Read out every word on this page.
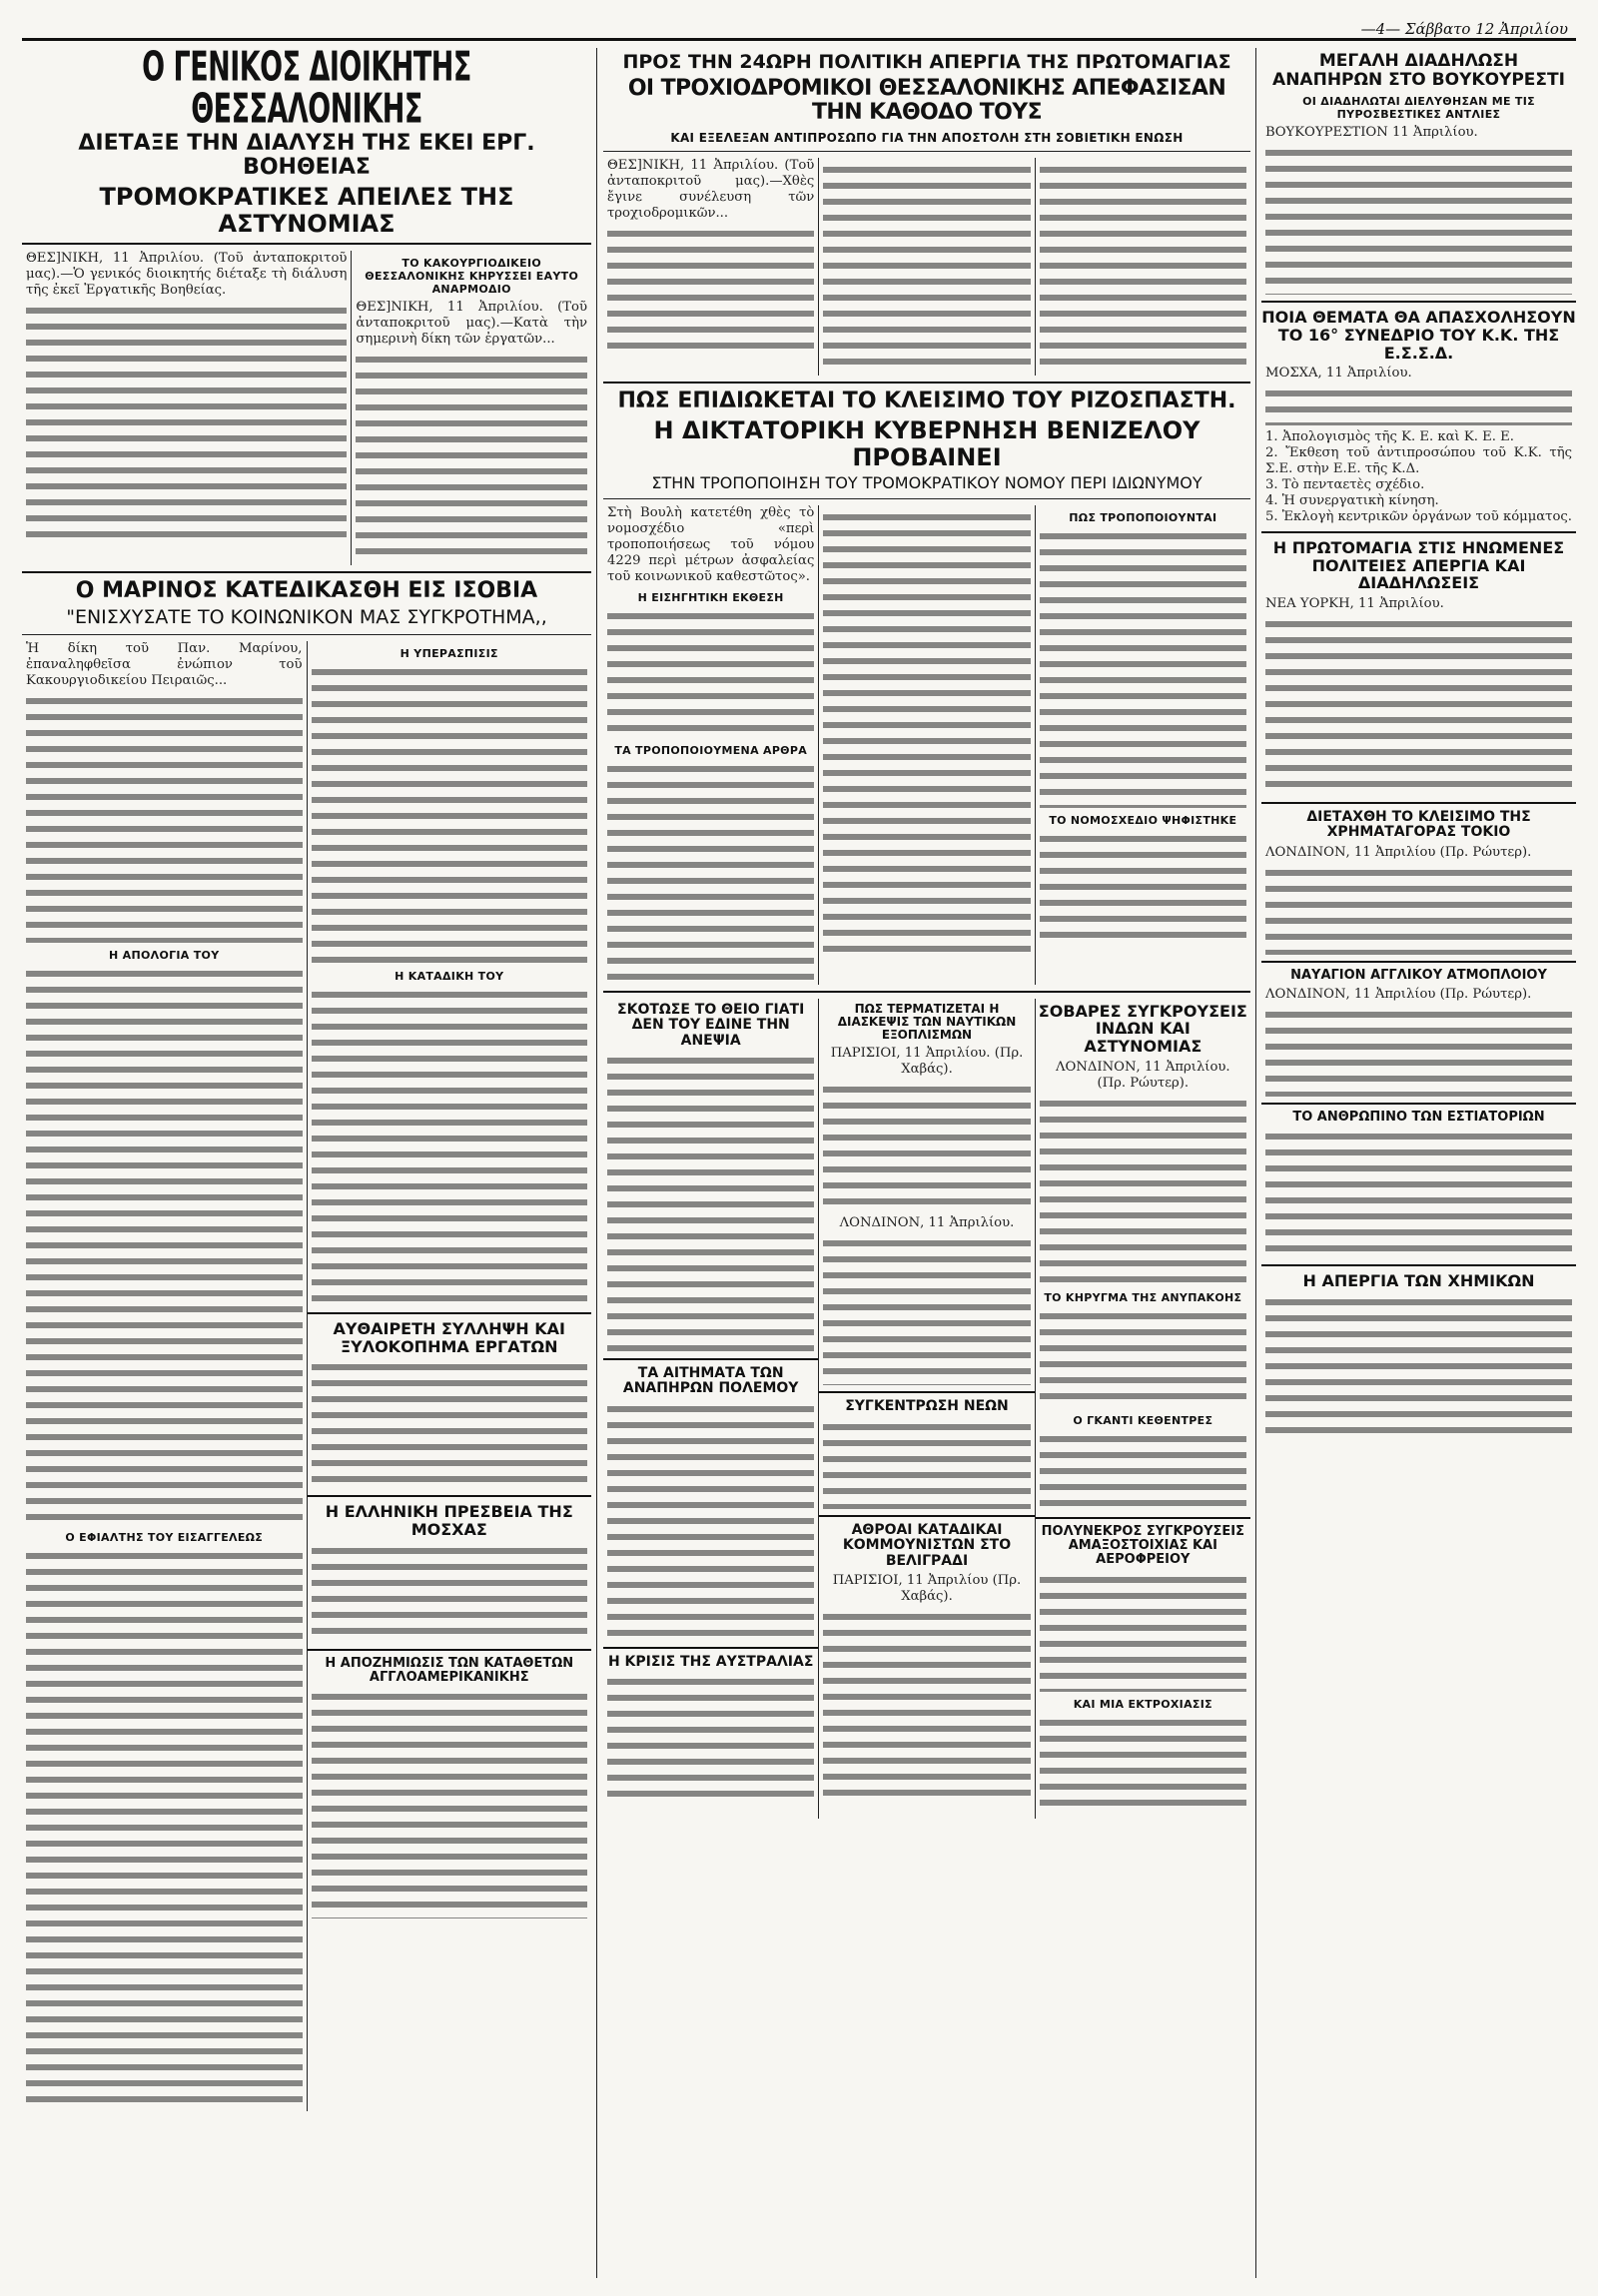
—4— Σάββατο 12 Ἀπριλίου
Ο ΓΕΝΙΚΟΣ ΔΙΟΙΚΗΤΗΣ ΘΕΣΣΑΛΟΝΙΚΗΣ
ΔΙΕΤΑΞΕ ΤΗΝ ΔΙΑΛΥΣΗ ΤΗΣ ΕΚΕΙ ΕΡΓ. ΒΟΗΘΕΙΑΣ
ΤΡΟΜΟΚΡΑΤΙΚΕΣ ΑΠΕΙΛΕΣ ΤΗΣ ΑΣΤΥΝΟΜΙΑΣ

ΘΕΣ]ΝΙΚΗ, 11 Ἀπριλίου. (Τοῦ ἀνταποκριτοῦ μας).—Ὁ γενικός διοικητής διέταξε τὴ διάλυση τῆς ἐκεῖ Ἐργατικῆς Βοηθείας.

ΤΟ ΚΑΚΟΥΡΓΙΟΔΙΚΕΙΟ ΘΕΣΣΑΛΟΝΙΚΗΣ ΚΗΡΥΣΣΕΙ ΕΑΥΤΟ ΑΝΑΡΜΟΔΙΟ

ΘΕΣ]ΝΙΚΗ, 11 Ἀπριλίου. (Τοῦ ἀνταποκριτοῦ μας).—Κατὰ τὴν σημερινὴ δίκη τῶν ἐργατῶν...

Ο ΜΑΡΙΝΟΣ ΚΑΤΕΔΙΚΑΣΘΗ ΕΙΣ ΙΣΟΒΙΑ
"ΕΝΙΣΧΥΣΑΤΕ ΤΟ ΚΟΙΝΩΝΙΚΟΝ ΜΑΣ ΣΥΓΚΡΟΤΗΜΑ,,

Ἡ δίκη τοῦ Παν. Μαρίνου, ἐπαναληφθεῖσα ἐνώπιον τοῦ Κακουργιοδικείου Πειραιῶς...

Η ΑΠΟΛΟΓΙΑ ΤΟΥ
Ο ΕΦΙΑΛΤΗΣ ΤΟΥ ΕΙΣΑΓΓΕΛΕΩΣ
Η ΥΠΕΡΑΣΠΙΣΙΣ
Η ΚΑΤΑΔΙΚΗ ΤΟΥ
ΑΥΘΑΙΡΕΤΗ ΣΥΛΛΗΨΗ ΚΑΙ ΞΥΛΟΚΟΠΗΜΑ ΕΡΓΑΤΩΝ
Η ΕΛΛΗΝΙΚΗ ΠΡΕΣΒΕΙΑ ΤΗΣ ΜΟΣΧΑΣ
Η ΑΠΟΖΗΜΙΩΣΙΣ ΤΩΝ ΚΑΤΑΘΕΤΩΝ ΑΓΓΛΟΑΜΕΡΙΚΑΝΙΚΗΣ
ΠΡΟΣ ΤΗΝ 24ΩΡΗ ΠΟΛΙΤΙΚΗ ΑΠΕΡΓΙΑ ΤΗΣ ΠΡΩΤΟΜΑΓΙΑΣ
ΟΙ ΤΡΟΧΙΟΔΡΟΜΙΚΟΙ ΘΕΣΣΑΛΟΝΙΚΗΣ ΑΠΕΦΑΣΙΣΑΝ ΤΗΝ ΚΑΘΟΔΟ ΤΟΥΣ
ΚΑΙ ΕΞΕΛΕΞΑΝ ΑΝΤΙΠΡΟΣΩΠΟ ΓΙΑ ΤΗΝ ΑΠΟΣΤΟΛΗ ΣΤΗ ΣΟΒΙΕΤΙΚΗ ΕΝΩΣΗ

ΘΕΣ]ΝΙΚΗ, 11 Ἀπριλίου. (Τοῦ ἀνταποκριτοῦ μας).—Χθὲς ἔγινε συνέλευση τῶν τροχιοδρομικῶν...

ΠΩΣ ΕΠΙΔΙΩΚΕΤΑΙ ΤΟ ΚΛΕΙΣΙΜΟ ΤΟΥ ΡΙΖΟΣΠΑΣΤΗ.
Η ΔΙΚΤΑΤΟΡΙΚΗ ΚΥΒΕΡΝΗΣΗ ΒΕΝΙΖΕΛΟΥ ΠΡΟΒΑΙΝΕΙ
ΣΤΗΝ ΤΡΟΠΟΠΟΙΗΣΗ ΤΟΥ ΤΡΟΜΟΚΡΑΤΙΚΟΥ ΝΟΜΟΥ ΠΕΡΙ ΙΔΙΩΝΥΜΟΥ

Στὴ Βουλὴ κατετέθη χθὲς τὸ νομοσχέδιο «περὶ τροποποιήσεως τοῦ νόμου 4229 περὶ μέτρων ἀσφαλείας τοῦ κοινωνικοῦ καθεστῶτος».

Η ΕΙΣΗΓΗΤΙΚΗ ΕΚΘΕΣΗ
ΤΑ ΤΡΟΠΟΠΟΙΟΥΜΕΝΑ ΑΡΘΡΑ
ΠΩΣ ΤΡΟΠΟΠΟΙΟΥΝΤΑΙ
ΤΟ ΝΟΜΟΣΧΕΔΙΟ ΨΗΦΙΣΤΗΚΕ
ΣΚΟΤΩΣΕ ΤΟ ΘΕΙΟ ΓΙΑΤΙ ΔΕΝ ΤΟΥ ΕΔΙΝΕ ΤΗΝ ΑΝΕΨΙΑ
ΤΑ ΑΙΤΗΜΑΤΑ ΤΩΝ ΑΝΑΠΗΡΩΝ ΠΟΛΕΜΟΥ
Η ΚΡΙΣΙΣ ΤΗΣ ΑΥΣΤΡΑΛΙΑΣ
ΠΩΣ ΤΕΡΜΑΤΙΖΕΤΑΙ Η ΔΙΑΣΚΕΨΙΣ ΤΩΝ ΝΑΥΤΙΚΩΝ ΕΞΟΠΛΙΣΜΩΝ

ΠΑΡΙΣΙΟΙ, 11 Ἀπριλίου. (Πρ. Χαβάς).

ΛΟΝΔΙΝΟΝ, 11 Ἀπριλίου.

ΣΥΓΚΕΝΤΡΩΣΗ ΝΕΩΝ
ΑΘΡΟΑΙ ΚΑΤΑΔΙΚΑΙ ΚΟΜΜΟΥΝΙΣΤΩΝ ΣΤΟ ΒΕΛΙΓΡΑΔΙ

ΠΑΡΙΣΙΟΙ, 11 Ἀπριλίου (Πρ. Χαβάς).

ΣΟΒΑΡΕΣ ΣΥΓΚΡΟΥΣΕΙΣ ΙΝΔΩΝ ΚΑΙ ΑΣΤΥΝΟΜΙΑΣ

ΛΟΝΔΙΝΟΝ, 11 Ἀπριλίου. (Πρ. Ρώυτερ).

ΤΟ ΚΗΡΥΓΜΑ ΤΗΣ ΑΝΥΠΑΚΟΗΣ
Ο ΓΚΑΝΤΙ ΚΕΘΕΝΤΡΕΣ
ΠΟΛΥΝΕΚΡΟΣ ΣΥΓΚΡΟΥΣΕΙΣ ΑΜΑΞΟΣΤΟΙΧΙΑΣ ΚΑΙ ΑΕΡΟΦΡΕΙΟΥ
ΚΑΙ ΜΙΑ ΕΚΤΡΟΧΙΑΣΙΣ
ΜΕΓΑΛΗ ΔΙΑΔΗΛΩΣΗ ΑΝΑΠΗΡΩΝ ΣΤΟ ΒΟΥΚΟΥΡΕΣΤΙ
ΟΙ ΔΙΑΔΗΛΩΤΑΙ ΔΙΕΛΥΘΗΣΑΝ ΜΕ ΤΙΣ ΠΥΡΟΣΒΕΣΤΙΚΕΣ ΑΝΤΛΙΕΣ

ΒΟΥΚΟΥΡΕΣΤΙΟΝ 11 Ἀπριλίου.

ΠΟΙΑ ΘΕΜΑΤΑ ΘΑ ΑΠΑΣΧΟΛΗΣΟΥΝ ΤΟ 16° ΣΥΝΕΔΡΙΟ ΤΟΥ Κ.Κ. ΤΗΣ Ε.Σ.Σ.Δ.

ΜΟΣΧΑ, 11 Ἀπριλίου.

1. Ἀπολογισμὸς τῆς Κ. Ε. καὶ Κ. Ε. Ε.

2. Ἔκθεση τοῦ ἀντιπροσώπου τοῦ Κ.Κ. τῆς Σ.Ε. στὴν Ε.Ε. τῆς Κ.Δ.

3. Τὸ πενταετὲς σχέδιο.

4. Ἡ συνεργατικὴ κίνηση.

5. Ἐκλογὴ κεντρικῶν ὀργάνων τοῦ κόμματος.

Η ΠΡΩΤΟΜΑΓΙΑ ΣΤΙΣ ΗΝΩΜΕΝΕΣ ΠΟΛΙΤΕΙΕΣ ΑΠΕΡΓΙΑ ΚΑΙ ΔΙΑΔΗΛΩΣΕΙΣ

ΝΕΑ ΥΟΡΚΗ, 11 Ἀπριλίου.

ΔΙΕΤΑΧΘΗ ΤΟ ΚΛΕΙΣΙΜΟ ΤΗΣ ΧΡΗΜΑΤΑΓΟΡΑΣ ΤΟΚΙΟ

ΛΟΝΔΙΝΟΝ, 11 Ἀπριλίου (Πρ. Ρώυτερ).

ΝΑΥΑΓΙΟΝ ΑΓΓΛΙΚΟΥ ΑΤΜΟΠΛΟΙΟΥ

ΛΟΝΔΙΝΟΝ, 11 Ἀπριλίου (Πρ. Ρώυτερ).

ΤΟ ΑΝΘΡΩΠΙΝΟ ΤΩΝ ΕΣΤΙΑΤΟΡΙΩΝ
Η ΑΠΕΡΓΙΑ ΤΩΝ ΧΗΜΙΚΩΝ
